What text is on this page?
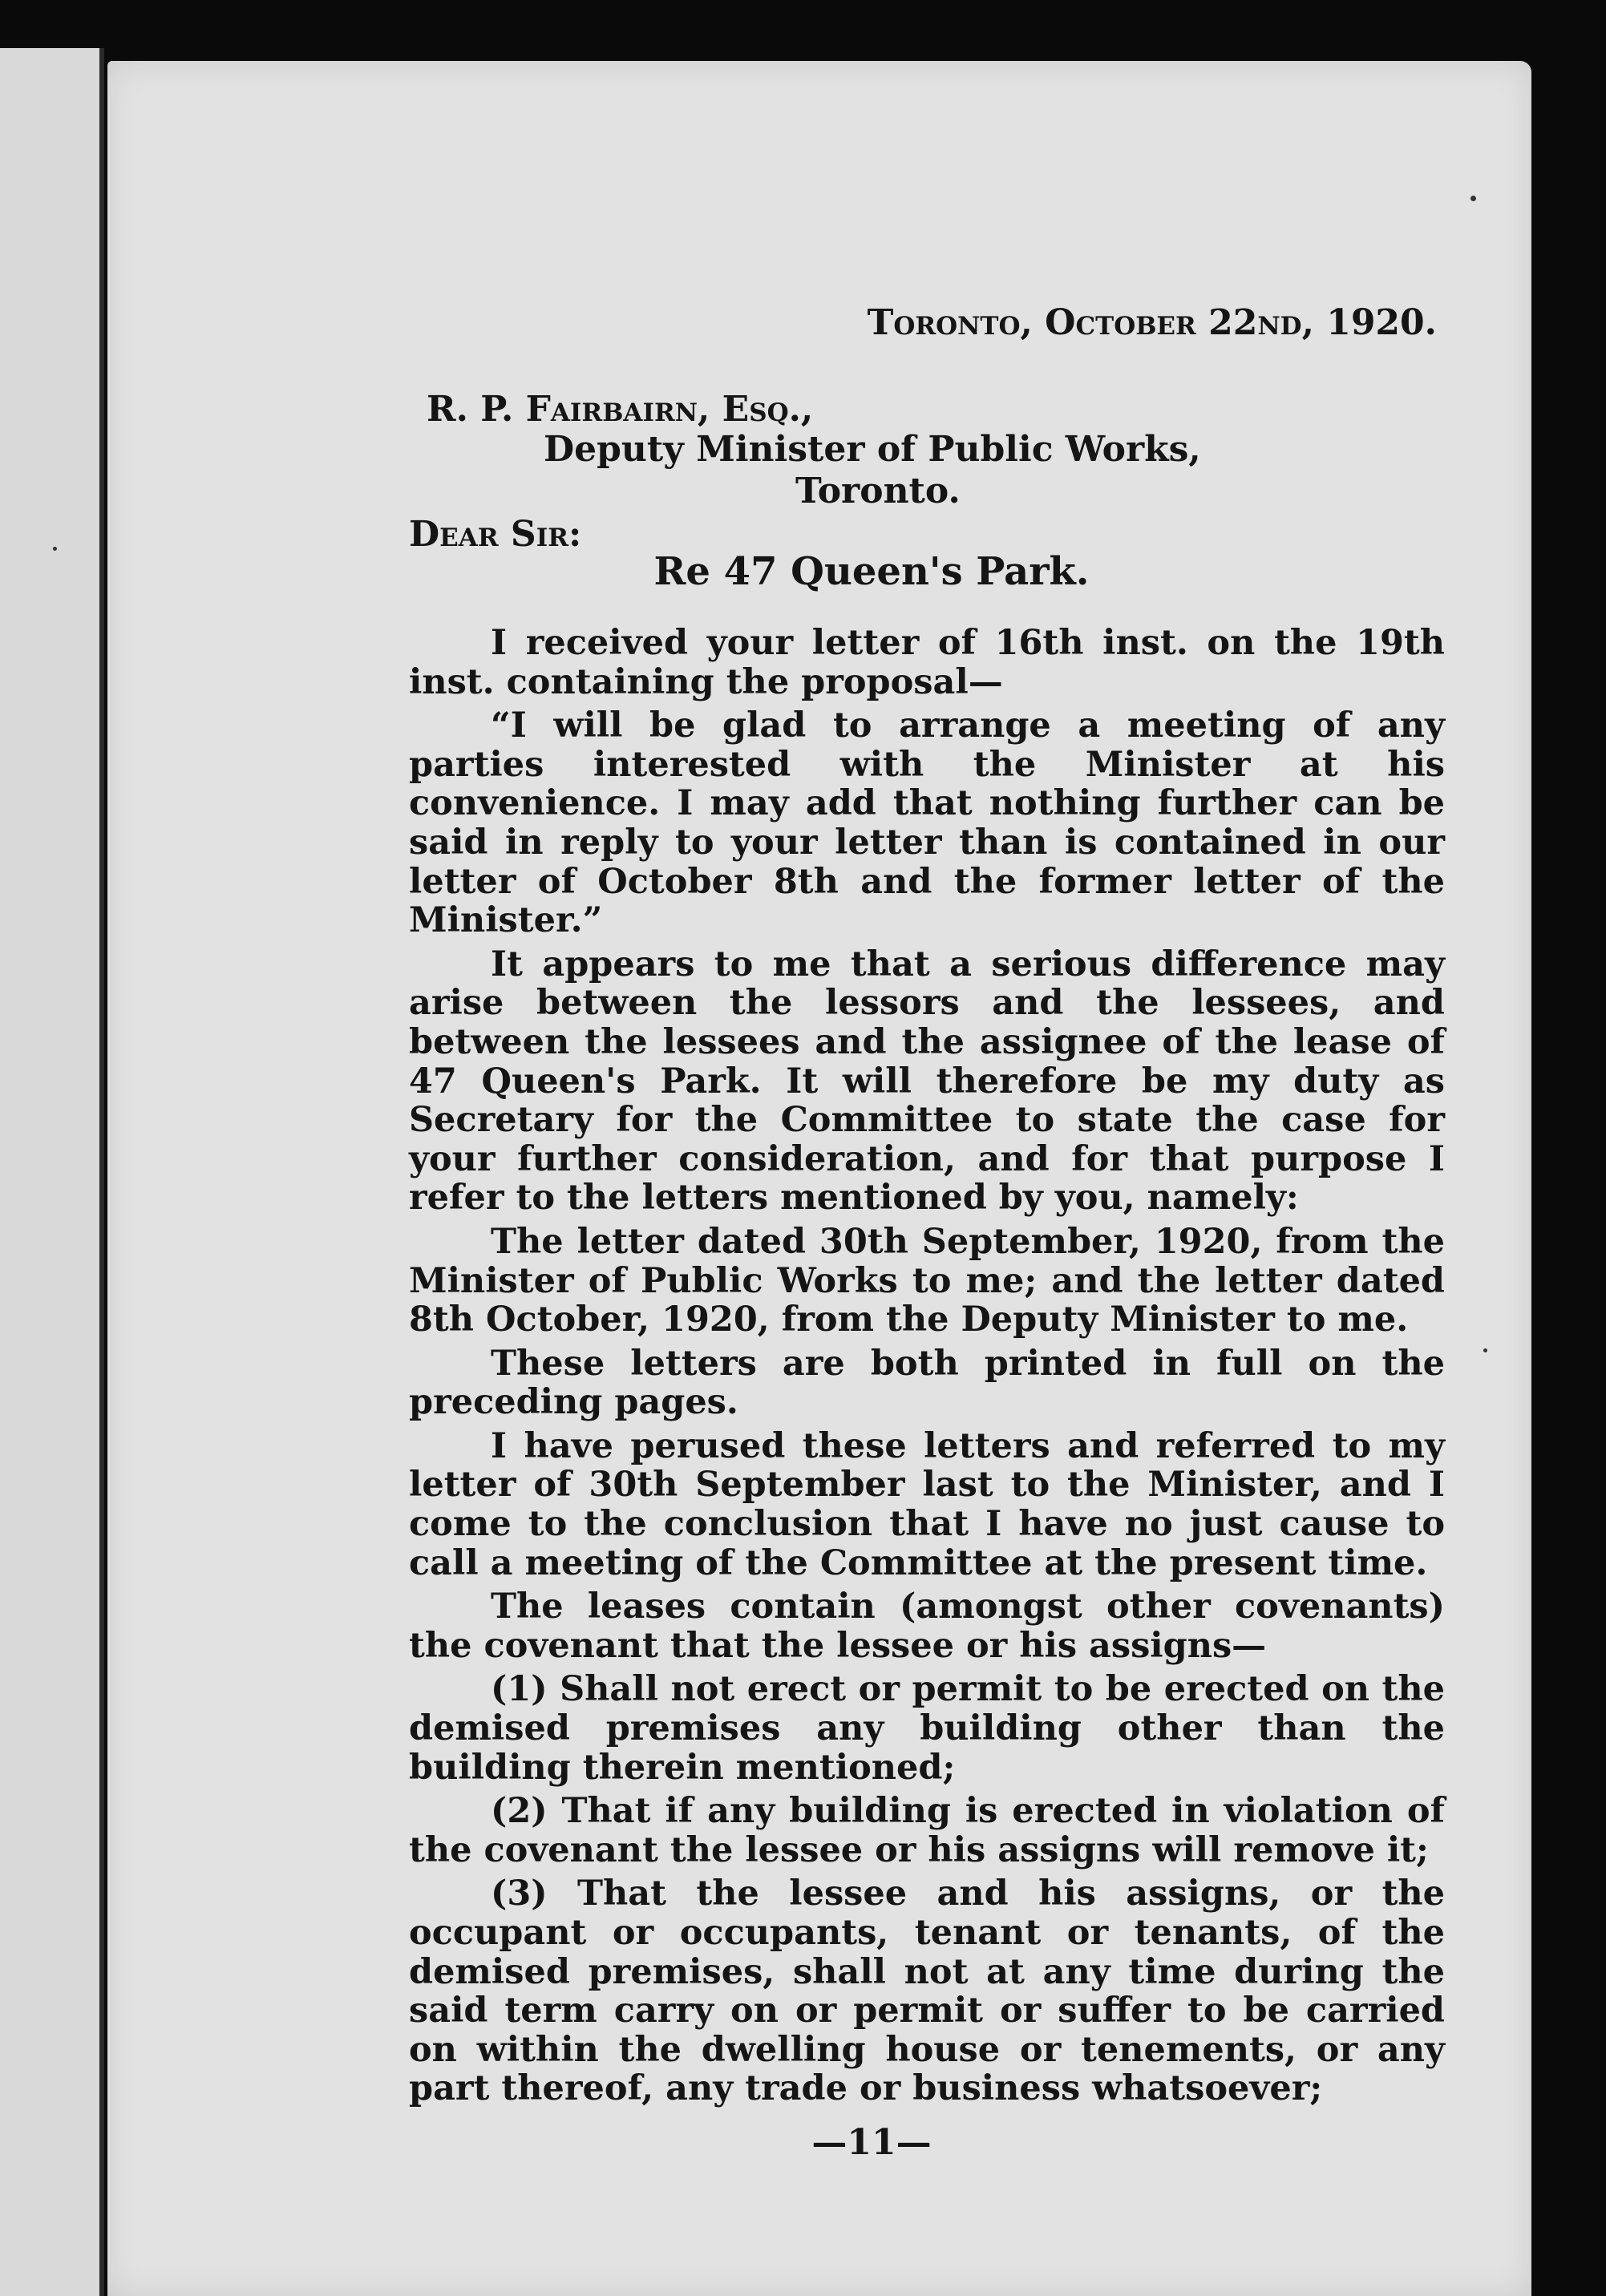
Toronto, October 22nd, 1920.
R. P. Fairbairn, Esq.,
Deputy Minister of Public Works,
Toronto.
Dear Sir:
Re 47 Queen's Park.

I received your letter of 16th inst. on the 19th inst. containing the proposal—

“I will be glad to arrange a meeting of any parties interested with the Minister at his convenience. I may add that nothing further can be said in reply to your letter than is contained in our letter of October 8th and the former letter of the Minister.”

It appears to me that a serious difference may arise between the lessors and the lessees, and between the lessees and the assignee of the lease of 47 Queen's Park. It will therefore be my duty as Secretary for the Committee to state the case for your further consideration, and for that purpose I refer to the letters mentioned by you, namely:

The letter dated 30th September, 1920, from the Minister of Public Works to me; and the letter dated 8th October, 1920, from the Deputy Minister to me.

These letters are both printed in full on the preceding pages.

I have perused these letters and referred to my letter of 30th September last to the Minister, and I come to the conclusion that I have no just cause to call a meeting of the Committee at the present time.

The leases contain (amongst other covenants) the covenant that the lessee or his assigns—

(1) Shall not erect or permit to be erected on the demised premises any building other than the building therein mentioned;

(2) That if any building is erected in violation of the covenant the lessee or his assigns will remove it;

(3) That the lessee and his assigns, or the occupant or occupants, tenant or tenants, of the demised premises, shall not at any time during the said term carry on or permit or suffer to be carried on within the dwelling house or tenements, or any part thereof, any trade or business whatsoever;

—11—
